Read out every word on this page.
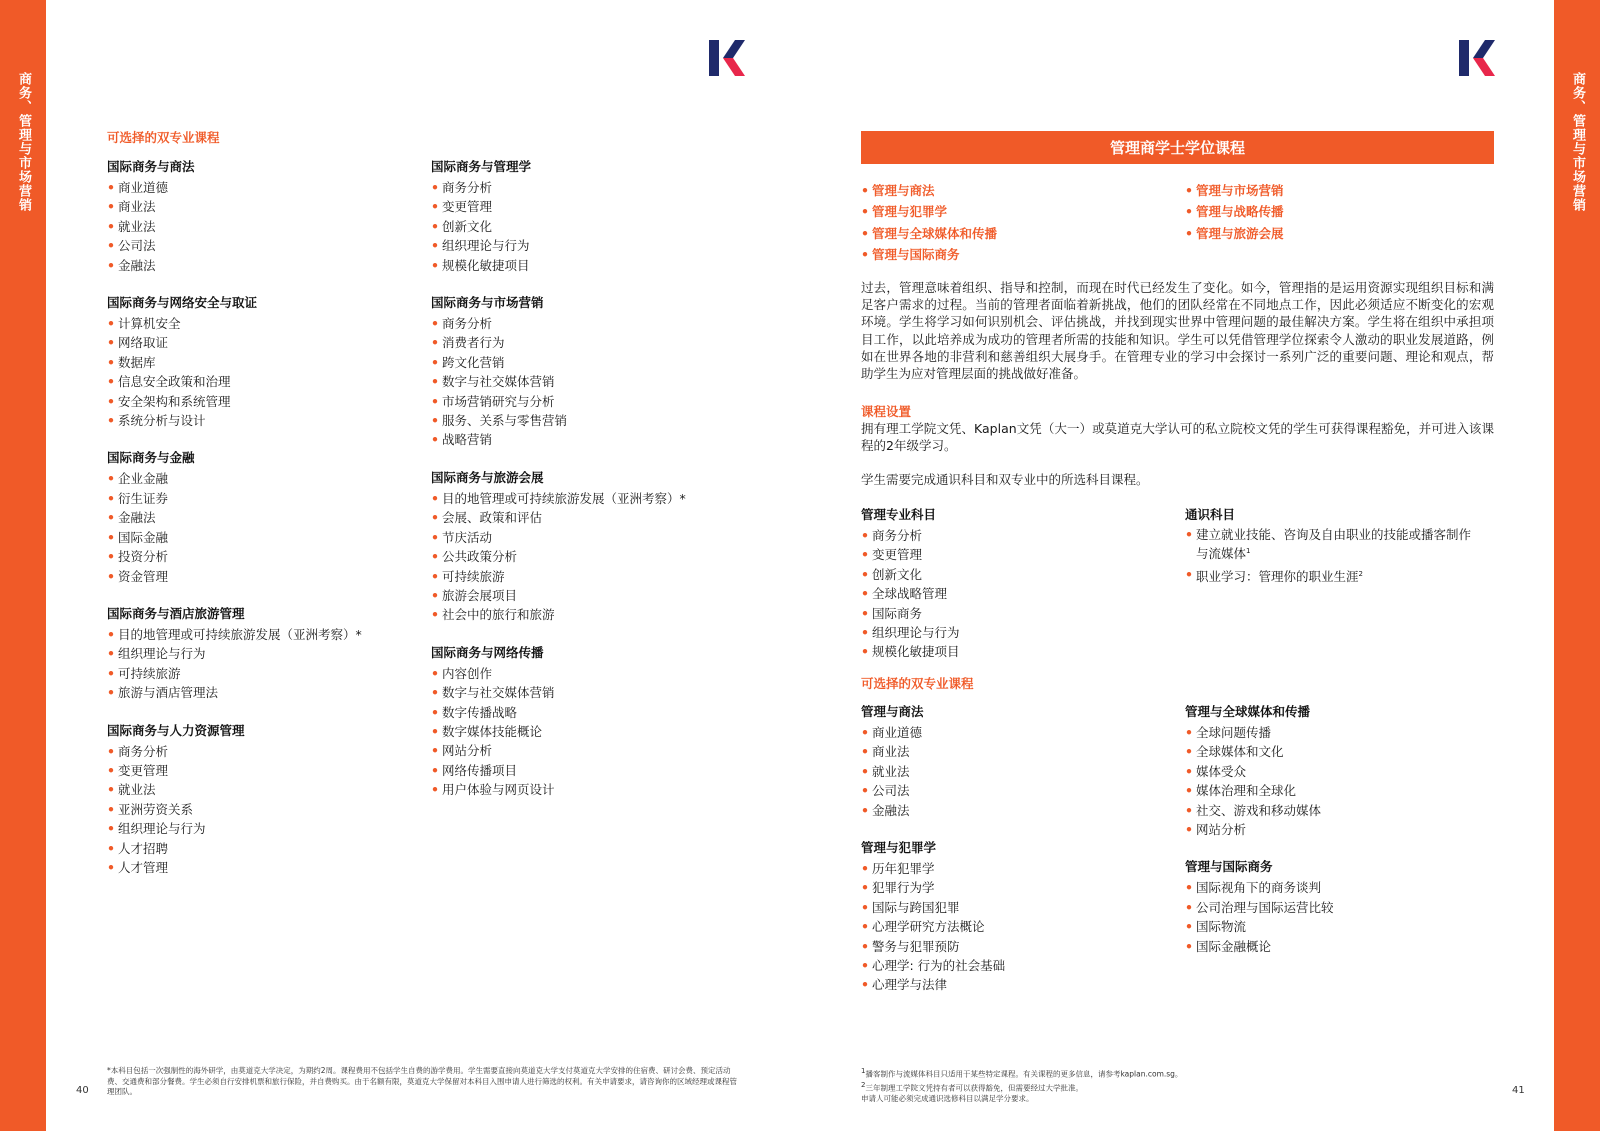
商务、管理与市场营销	商务、管理与市场营销
可选择的双专业课程
国际商务与商法
• 商业道德
• 商业法
• 就业法
• 公司法
• 金融法
国际商务与网络安全与取证
• 计算机安全
• 网络取证
• 数据库
• 信息安全政策和治理
• 安全架构和系统管理
• 系统分析与设计
国际商务与金融
• 企业金融
• 衍生证券
• 金融法
• 国际金融
• 投资分析
• 资金管理
国际商务与酒店旅游管理
• 目的地管理或可持续旅游发展（亚洲考察）*
• 组织理论与行为
• 可持续旅游
• 旅游与酒店管理法
国际商务与人力资源管理
• 商务分析
• 变更管理
• 就业法
• 亚洲劳资关系
• 组织理论与行为
• 人才招聘
• 人才管理
国际商务与管理学
• 商务分析
• 变更管理
• 创新文化
• 组织理论与行为
• 规模化敏捷项目
国际商务与市场营销
• 商务分析
• 消费者行为
• 跨文化营销
• 数字与社交媒体营销
• 市场营销研究与分析
• 服务、关系与零售营销
• 战略营销
国际商务与旅游会展
• 目的地管理或可持续旅游发展（亚洲考察）*
• 会展、政策和评估
• 节庆活动
• 公共政策分析
• 可持续旅游
• 旅游会展项目
• 社会中的旅行和旅游
国际商务与网络传播
• 内容创作
• 数字与社交媒体营销
• 数字传播战略
• 数字媒体技能概论
• 网站分析
• 网络传播项目
• 用户体验与网页设计
*本科目包括一次强制性的海外研学，由莫道克大学决定，为期约2周。课程费用不包括学生自费的游学费用。学生需要直接向莫道克大学支付莫道克大学安排的住宿费、研讨会费、预定活动费、交通费和部分餐费。学生必须自行安排机票和旅行保险，并自费购买。由于名额有限，莫道克大学保留对本科目入围申请人进行筛选的权利。有关申请要求，请咨询你的区域经理或课程管理团队。
40
管理商学士学位课程
• 管理与商法
• 管理与犯罪学
• 管理与全球媒体和传播
• 管理与国际商务
• 管理与市场营销
• 管理与战略传播
• 管理与旅游会展
过去，管理意味着组织、指导和控制，而现在时代已经发生了变化。如今，管理指的是运用资源实现组织目标和满足客户需求的过程。当前的管理者面临着新挑战，他们的团队经常在不同地点工作，因此必须适应不断变化的宏观环境。学生将学习如何识别机会、评估挑战，并找到现实世界中管理问题的最佳解决方案。学生将在组织中承担项目工作，以此培养成为成功的管理者所需的技能和知识。学生可以凭借管理学位探索令人激动的职业发展道路，例如在世界各地的非营利和慈善组织大展身手。在管理专业的学习中会探讨一系列广泛的重要问题、理论和观点，帮助学生为应对管理层面的挑战做好准备。
课程设置
拥有理工学院文凭、Kaplan文凭（大一）或莫道克大学认可的私立院校文凭的学生可获得课程豁免，并可进入该课程的2年级学习。
学生需要完成通识科目和双专业中的所选科目课程。
管理专业科目
• 商务分析
• 变更管理
• 创新文化
• 全球战略管理
• 国际商务
• 组织理论与行为
• 规模化敏捷项目
通识科目
• 建立就业技能、咨询及自由职业的技能或播客制作
与流媒体$^1$
• 职业学习：管理你的职业生涯$^2$
可选择的双专业课程
管理与商法
• 商业道德
• 商业法
• 就业法
• 公司法
• 金融法
管理与犯罪学
• 历年犯罪学
• 犯罪行为学
• 国际与跨国犯罪
• 心理学研究方法概论
• 警务与犯罪预防
• 心理学: 行为的社会基础
• 心理学与法律
管理与全球媒体和传播
• 全球问题传播
• 全球媒体和文化
• 媒体受众
• 媒体治理和全球化
• 社交、游戏和移动媒体
• 网站分析
管理与国际商务
• 国际视角下的商务谈判
• 公司治理与国际运营比较
• 国际物流
• 国际金融概论
$^1$播客制作与流媒体科目只适用于某些特定课程。有关课程的更多信息，请参考kaplan.com.sg。
$^2$三年制理工学院文凭持有者可以获得豁免，但需要经过大学批准。
申请人可能必须完成通识选修科目以满足学分要求。
41
